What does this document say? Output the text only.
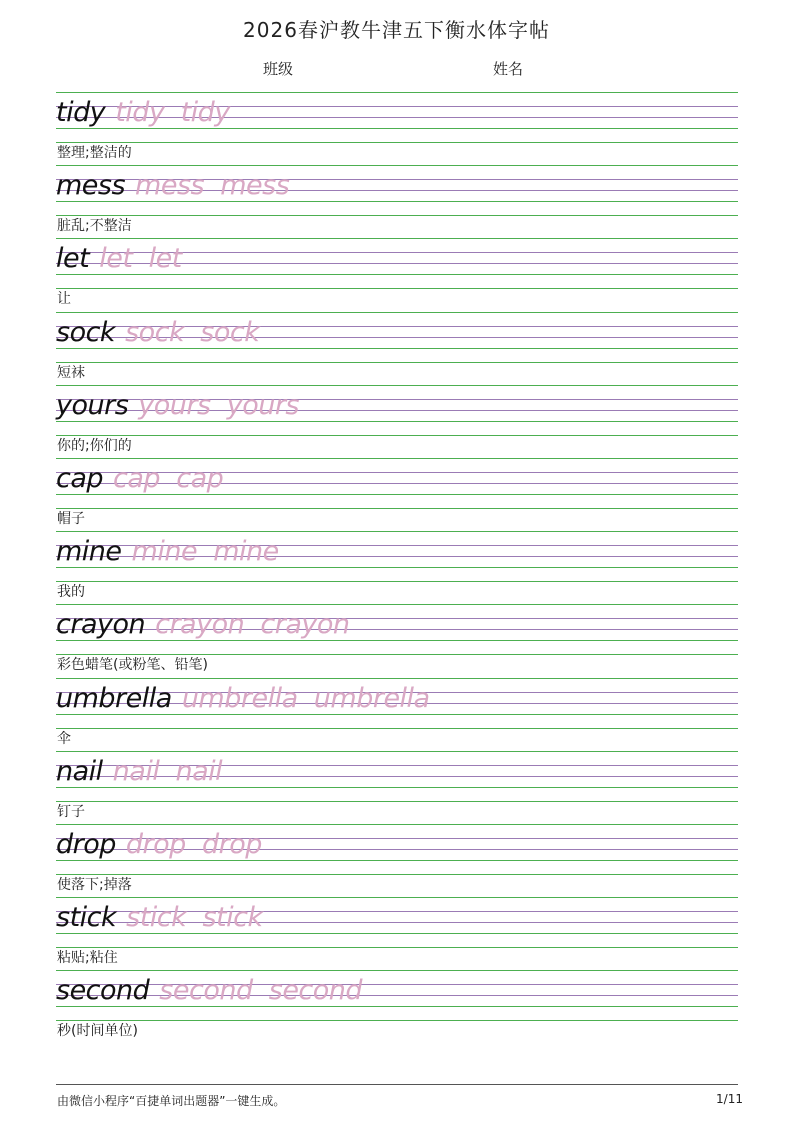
2026春沪教牛津五下衡水体字帖
班级	姓名
tidy tidy  tidy
整理;整洁的
mess mess  mess
脏乱;不整洁
let let  let
让
sock sock  sock
短袜
yours yours  yours
你的;你们的
cap cap  cap
帽子
mine mine  mine
我的
crayon crayon  crayon
彩色蜡笔(或粉笔、铅笔)
umbrella umbrella  umbrella
伞
nail nail  nail
钉子
drop drop  drop
使落下;掉落
stick stick  stick
粘贴;粘住
second second  second
秒(时间单位)
由微信小程序“百捷单词出题器”一键生成。	1/11
